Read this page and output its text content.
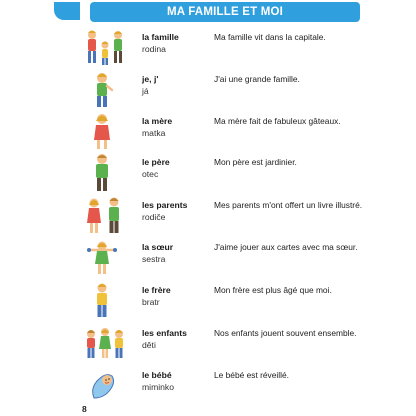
MA FAMILLE ET MOI
la famille
rodina
Ma famille vit dans la capitale.
je, j'
já
J'ai une grande famille.
la mère
matka
Ma mère fait de fabuleux gâteaux.
le père
otec
Mon père est jardinier.
les parents
rodiče
Mes parents m'ont offert un livre illustré.
la sœur
sestra
J'aime jouer aux cartes avec ma sœur.
le frère
bratr
Mon frère est plus âgé que moi.
les enfants
děti
Nos enfants jouent souvent ensemble.
le bébé
miminko
Le bébé est réveillé.
8
